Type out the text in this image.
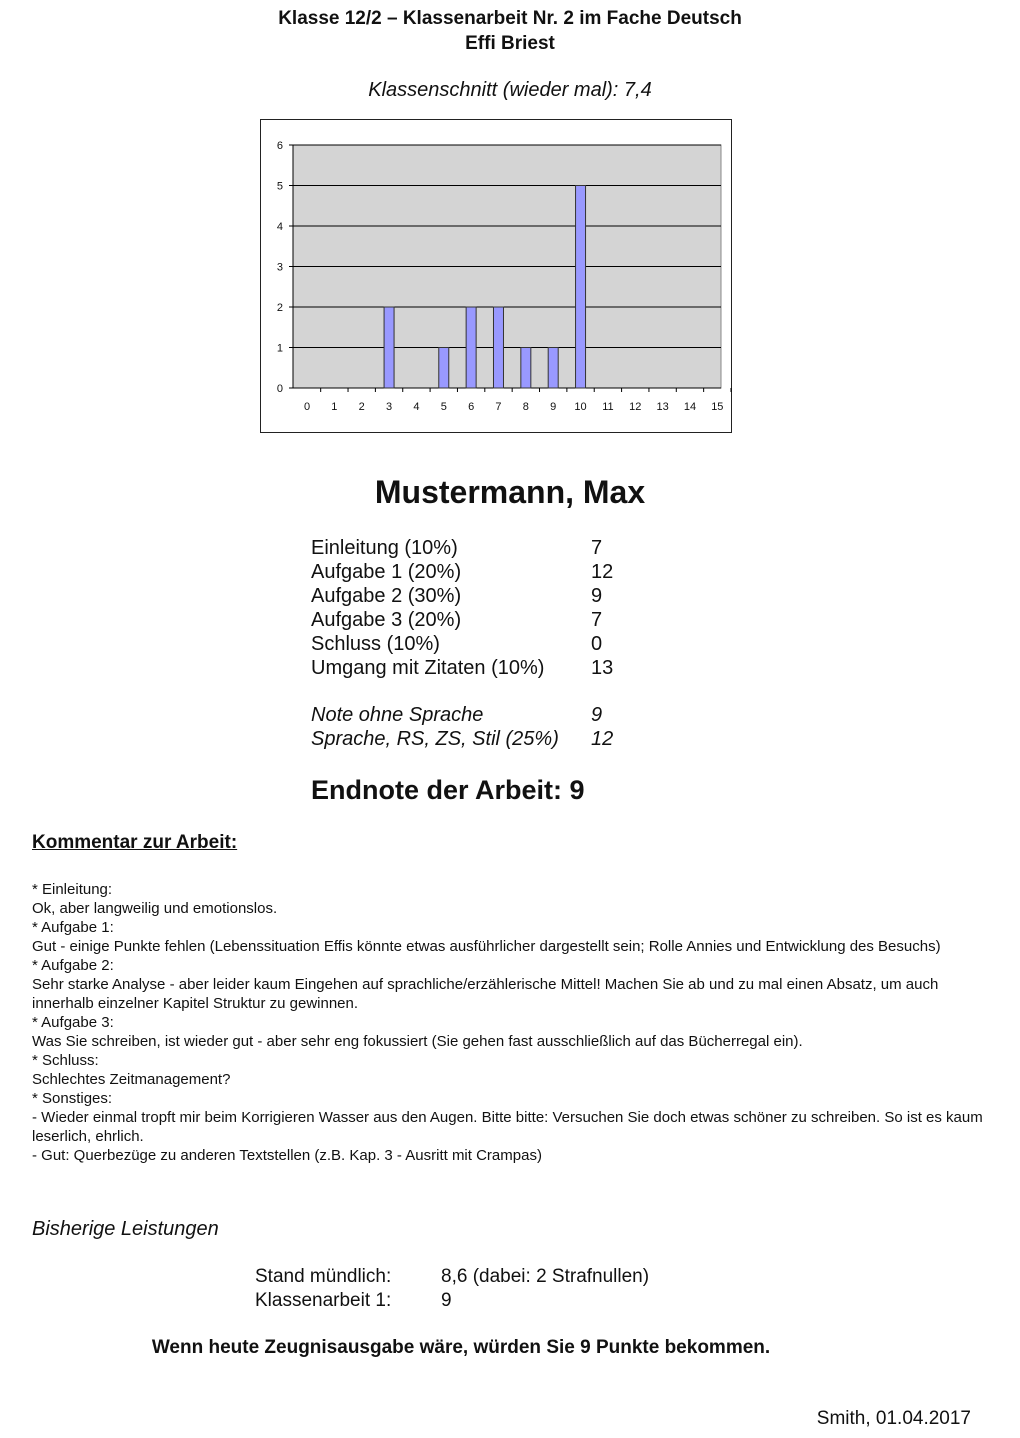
Klasse 12/2 – Klassenarbeit Nr. 2 im Fache Deutsch
Effi Briest
Klassenschnitt (wieder mal): 7,4
0
1
2
3
4
5
6
0 1 2 3 4 5 6 7 8 9 10 11 12 13 14 15
Mustermann, Max
Einleitung (10%)	7
Aufgabe 1 (20%)	12
Aufgabe 2 (30%)	9
Aufgabe 3 (20%)	7
Schluss (10%)	0
Umgang mit Zitaten (10%) 13
Note ohne Sprache	9
Sprache, RS, ZS, Stil (25%) 12
Endnote der Arbeit: 9
Kommentar zur Arbeit:
* Einleitung:
Ok, aber langweilig und emotionslos.
* Aufgabe 1:
Gut - einige Punkte fehlen (Lebenssituation Effis könnte etwas ausführlicher dargestellt sein; Rolle Annies und Entwicklung des Besuchs)
* Aufgabe 2:
Sehr starke Analyse - aber leider kaum Eingehen auf sprachliche/erzählerische Mittel! Machen Sie ab und zu mal einen Absatz, um auch innerhalb einzelner Kapitel Struktur zu gewinnen.
* Aufgabe 3:
Was Sie schreiben, ist wieder gut - aber sehr eng fokussiert (Sie gehen fast ausschließlich auf das Bücherregal ein).
* Schluss:
Schlechtes Zeitmanagement?
* Sonstiges:
- Wieder einmal tropft mir beim Korrigieren Wasser aus den Augen. Bitte bitte: Versuchen Sie doch etwas schöner zu schreiben. So ist es kaum leserlich, ehrlich.
- Gut: Querbezüge zu anderen Textstellen (z.B. Kap. 3 - Ausritt mit Crampas)
Bisherige Leistungen
Stand mündlich:	8,6 (dabei: 2 Strafnullen)
Klassenarbeit 1:	9
Wenn heute Zeugnisausgabe wäre, würden Sie 9 Punkte bekommen.
Smith, 01.04.2017
